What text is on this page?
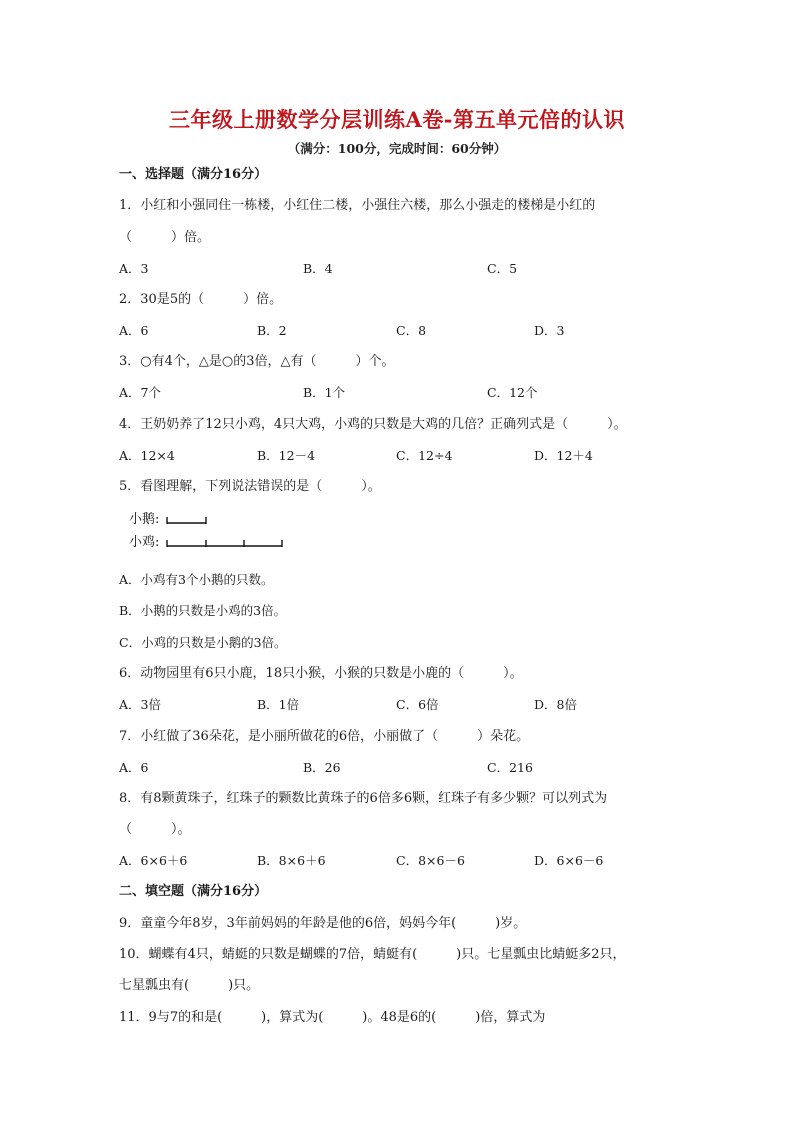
三年级上册数学分层训练A卷-第五单元倍的认识
（满分：100分，完成时间：60分钟）
一、选择题（满分16分）
1．小红和小强同住一栋楼，小红住二楼，小强住六楼，那么小强走的楼梯是小红的
（　　　）倍。
A．3	B．4	C．5
2．30是5的（　　　）倍。
A．6	B．2	C．8	D．3
3．○有4个，△是○的3倍，△有（　　　）个。
A．7个	B．1个	C．12个
4．王奶奶养了12只小鸡，4只大鸡，小鸡的只数是大鸡的几倍？正确列式是（　　　）。
A．12×4	B．12－4	C．12÷4	D．12＋4
5．看图理解，下列说法错误的是（　　　）。
小鹅:
小鸡:
A．小鸡有3个小鹅的只数。
B．小鹅的只数是小鸡的3倍。
C．小鸡的只数是小鹅的3倍。
6．动物园里有6只小鹿，18只小猴，小猴的只数是小鹿的（　　　）。
A．3倍	B．1倍	C．6倍	D．8倍
7．小红做了36朵花，是小丽所做花的6倍，小丽做了（　　　）朵花。
A．6	B．26	C．216
8．有8颗黄珠子，红珠子的颗数比黄珠子的6倍多6颗，红珠子有多少颗？可以列式为
（　　　）。
A．6×6＋6	B．8×6＋6	C．8×6－6	D．6×6－6
二、填空题（满分16分）
9．童童今年8岁，3年前妈妈的年龄是他的6倍，妈妈今年(　　　)岁。
10．蝴蝶有4只，蜻蜓的只数是蝴蝶的7倍，蜻蜓有(　　　)只。七星瓢虫比蜻蜓多2只，
七星瓢虫有(　　　)只。
11．9与7的和是(　　　)，算式为(　　　)。48是6的(　　　)倍，算式为
